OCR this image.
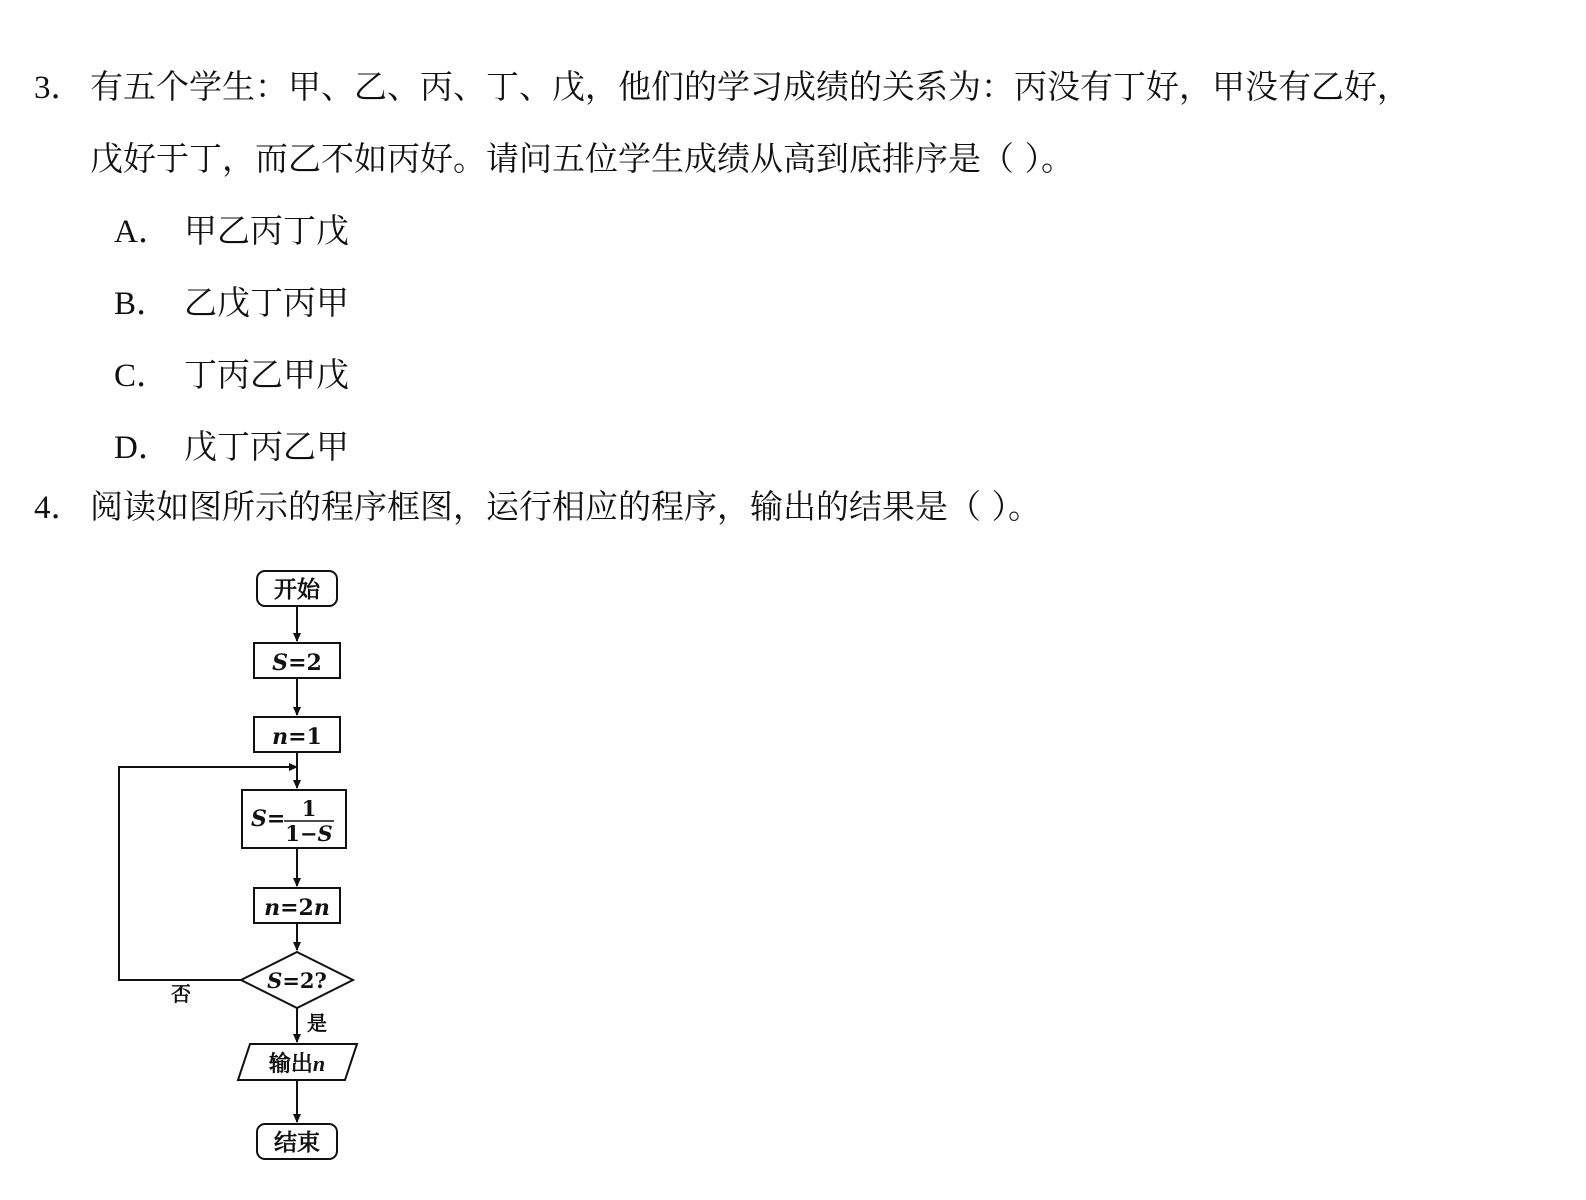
3． 有五个学生：甲、乙、丙、丁、戊，他们的学习成绩的关系为：丙没有丁好，甲没有乙好，
戊好于丁，而乙不如丙好。请问五位学生成绩从高到底排序是（ ）。
A． 甲乙丙丁戊
B． 乙戊丁丙甲
C． 丁丙乙甲戊
D． 戊丁丙乙甲
4． 阅读如图所示的程序框图，运行相应的程序，输出的结果是（ ）。
开始
S=2
n=1
S= 1
1−S
n=2n
S=2?
否
是
输出n
结束
